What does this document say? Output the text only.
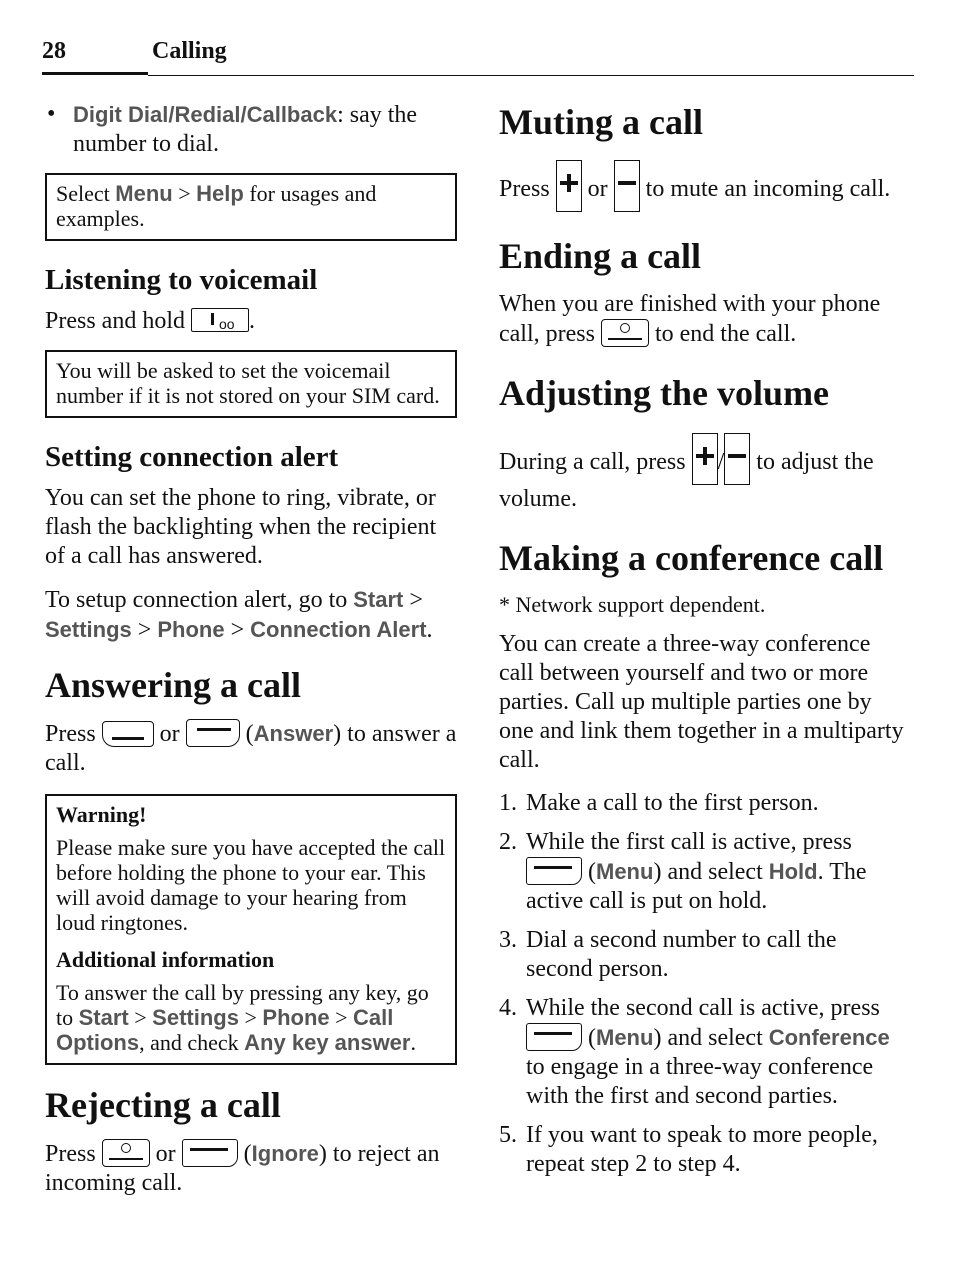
28	Calling
• Digit Dial/Redial/Callback: say the number to dial.

Select Menu > Help for usages and examples.

Listening to voicemail

Press and hold oo .

You will be asked to set the voicemail number if it is not stored on your SIM card.

Setting connection alert

You can set the phone to ring, vibrate, or flash the backlighting when the recipient of a call has answered.

To setup connection alert, go to Start > Settings > Phone > Connection Alert.

Answering a call

Press  or  (Answer) to answer a call.

Warning!

Please make sure you have accepted the call before holding the phone to your ear. This will avoid damage to your hearing from loud ringtones.

Additional information

To answer the call by pressing any key, go to Start > Settings > Phone > Call Options, and check Any key answer.

Rejecting a call

Press  or  (Ignore) to reject an incoming call.

Muting a call

Press  or  to mute an incoming call.

Ending a call

When you are finished with your phone call, press  to end the call.

Adjusting the volume

During a call, press / to adjust the volume.

Making a conference call

* Network support dependent.

You can create a three-way conference call between yourself and two or more parties. Call up multiple parties one by one and link them together in a multiparty call.

1. Make a call to the first person.
2. While the first call is active, press  (Menu) and select Hold. The active call is put on hold.
3. Dial a second number to call the second person.
4. While the second call is active, press  (Menu) and select Conference to engage in a three-way conference with the first and second parties.
5. If you want to speak to more people, repeat step 2 to step 4.
